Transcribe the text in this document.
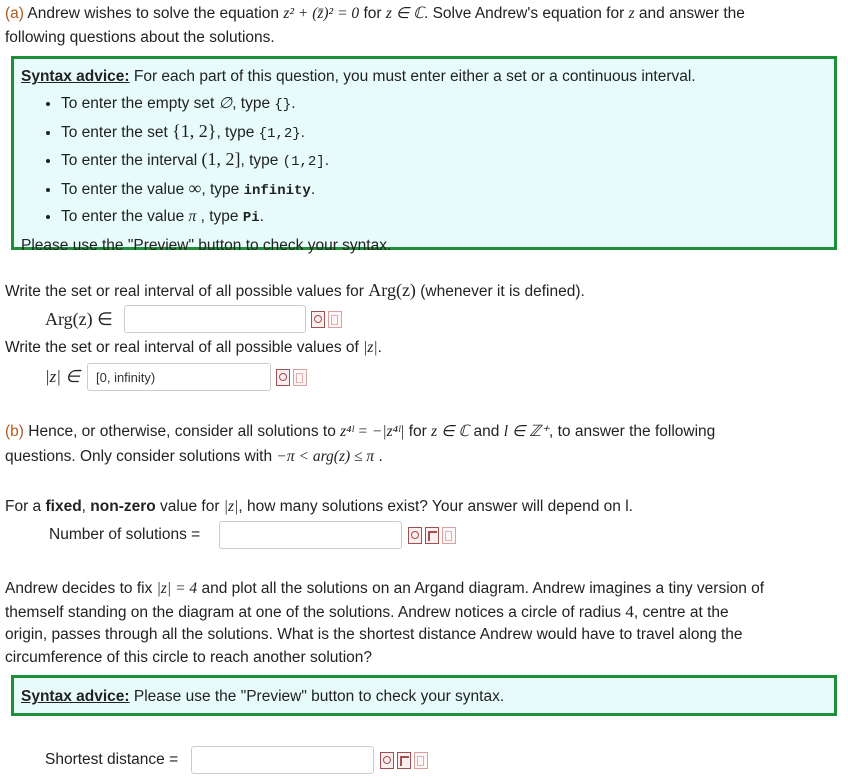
(a) Andrew wishes to solve the equation z² + (z̄)² = 0 for z ∈ ℂ. Solve Andrew's equation for z and answer the
following questions about the solutions.

Syntax advice: For each part of this question, you must enter either a set or a continuous interval.

• To enter the empty set ∅, type {}.
• To enter the set {1, 2}, type {1,2}.
• To enter the interval (1, 2], type (1,2].
• To enter the value ∞, type infinity.
• To enter the value π , type Pi.

Please use the "Preview" button to check your syntax.

Write the set or real interval of all possible values for Arg(z) (whenever it is defined).
Arg(z) ∈
Write the set or real interval of all possible values of |z|.
|z| ∈
[0, infinity)
(b) Hence, or otherwise, consider all solutions to z⁴ˡ = −|z⁴ˡ| for z ∈ ℂ and l ∈ ℤ⁺, to answer the following
questions. Only consider solutions with −π < arg(z) ≤ π .
For a fixed, non-zero value for |z|, how many solutions exist? Your answer will depend on l.
Number of solutions =
Andrew decides to fix |z| = 4 and plot all the solutions on an Argand diagram. Andrew imagines a tiny version of
themself standing on the diagram at one of the solutions. Andrew notices a circle of radius 4, centre at the
origin, passes through all the solutions. What is the shortest distance Andrew would have to travel along the
circumference of this circle to reach another solution?

Syntax advice: Please use the "Preview" button to check your syntax.

Shortest distance =
